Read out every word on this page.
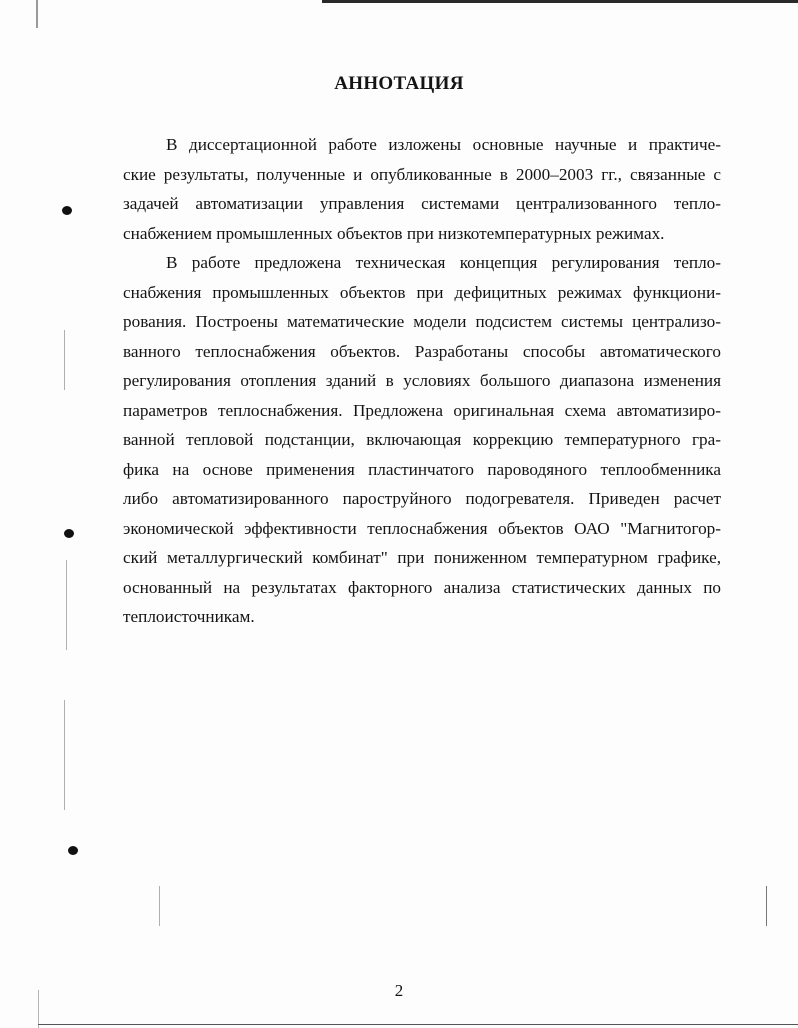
АННОТАЦИЯ
В диссертационной работе изложены основные научные и практиче-
ские результаты, полученные и опубликованные в 2000–2003 гг., связанные с
задачей автоматизации управления системами централизованного тепло-
снабжением промышленных объектов при низкотемпературных режимах.
В работе предложена техническая концепция регулирования тепло-
снабжения промышленных объектов при дефицитных режимах функциони-
рования. Построены математические модели подсистем системы централизо-
ванного теплоснабжения объектов. Разработаны способы автоматического
регулирования отопления зданий в условиях большого диапазона изменения
параметров теплоснабжения. Предложена оригинальная схема автоматизиро-
ванной тепловой подстанции, включающая коррекцию температурного гра-
фика на основе применения пластинчатого пароводяного теплообменника
либо автоматизированного пароструйного подогревателя. Приведен расчет
экономической эффективности теплоснабжения объектов ОАО "Магнитогор-
ский металлургический комбинат" при пониженном температурном графике,
основанный на результатах факторного анализа статистических данных по
теплоисточникам.
2
